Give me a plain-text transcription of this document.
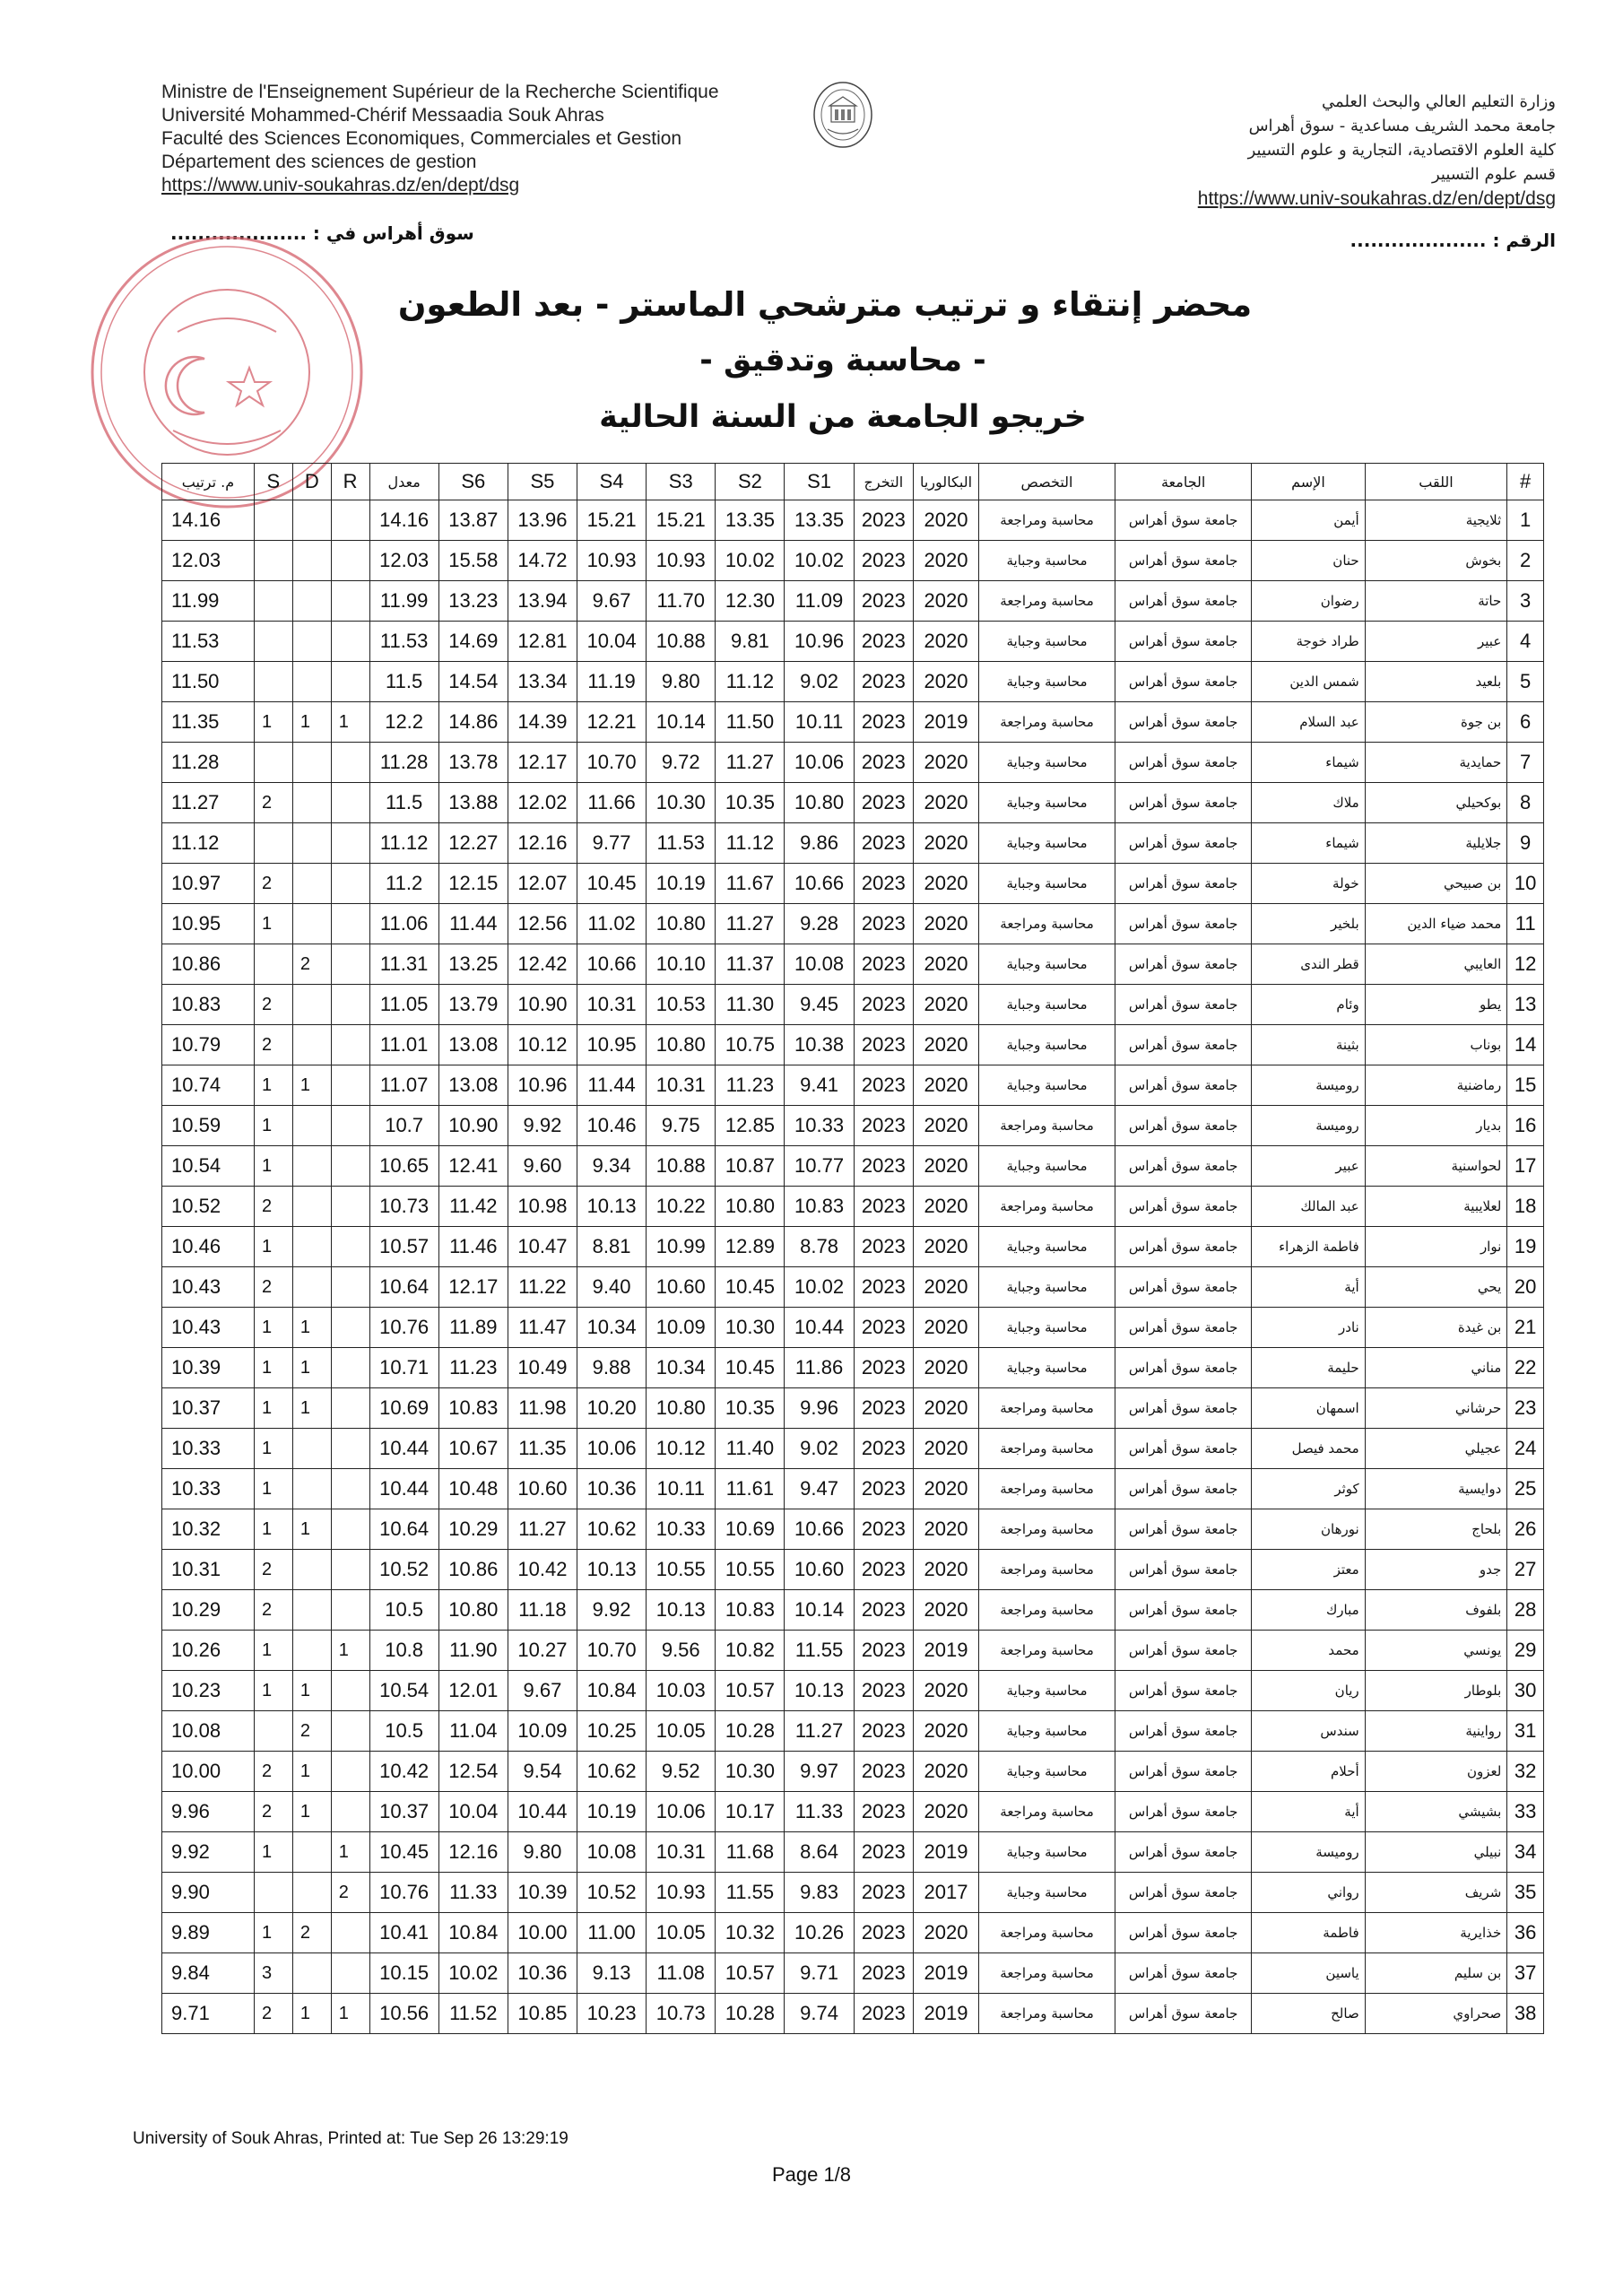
Ministre de l'Enseignement Supérieur de la Recherche Scientifique
Université Mohammed-Chérif Messaadia Souk Ahras
Faculté des Sciences Economiques, Commerciales et Gestion
Département des sciences de gestion
https://www.univ-soukahras.dz/en/dept/dsg
وزارة التعليم العالي والبحث العلمي
جامعة محمد الشريف مساعدية - سوق أهراس
كلية العلوم الاقتصادية، التجارية و علوم التسيير
قسم علوم التسيير
https://www.univ-soukahras.dz/en/dept/dsg
الرقم : ....................
سوق أهراس في : ....................
محضر إنتقاء و ترتيب مترشحي الماستر - بعد الطعون
- محاسبة وتدقيق -
خريجو الجامعة من السنة الحالية
#	اللقب	الإسم	الجامعة	التخصص	البكالوريا	التخرج	S1	S2	S3	S4	S5	S6	معدل	R	D	S	م. ترتيب
1	ثلايجية	أيمن	جامعة سوق أهراس	محاسبة ومراجعة	2020	2023	13.35	13.35	15.21	15.21	13.96	13.87	14.16				14.16
2	بخوش	حنان	جامعة سوق أهراس	محاسبة وجباية	2020	2023	10.02	10.02	10.93	10.93	14.72	15.58	12.03				12.03
3	حاتة	رضوان	جامعة سوق أهراس	محاسبة ومراجعة	2020	2023	11.09	12.30	11.70	9.67	13.94	13.23	11.99				11.99
4	عبير	طراد خوجة	جامعة سوق أهراس	محاسبة وجباية	2020	2023	10.96	9.81	10.88	10.04	12.81	14.69	11.53				11.53
5	بلعيد	شمس الدين	جامعة سوق أهراس	محاسبة وجباية	2020	2023	9.02	11.12	9.80	11.19	13.34	14.54	11.5				11.50
6	بن جوة	عبد السلام	جامعة سوق أهراس	محاسبة ومراجعة	2019	2023	10.11	11.50	10.14	12.21	14.39	14.86	12.2	1	1	1	11.35
7	حمايدية	شيماء	جامعة سوق أهراس	محاسبة وجباية	2020	2023	10.06	11.27	9.72	10.70	12.17	13.78	11.28				11.28
8	بوكحيلي	ملاك	جامعة سوق أهراس	محاسبة وجباية	2020	2023	10.80	10.35	10.30	11.66	12.02	13.88	11.5			2	11.27
9	جلايلية	شيماء	جامعة سوق أهراس	محاسبة وجباية	2020	2023	9.86	11.12	11.53	9.77	12.16	12.27	11.12				11.12
10	بن صبيحي	خولة	جامعة سوق أهراس	محاسبة وجباية	2020	2023	10.66	11.67	10.19	10.45	12.07	12.15	11.2			2	10.97
11	محمد ضياء الدين	بلخير	جامعة سوق أهراس	محاسبة ومراجعة	2020	2023	9.28	11.27	10.80	11.02	12.56	11.44	11.06			1	10.95
12	العايبي	قطر الندى	جامعة سوق أهراس	محاسبة وجباية	2020	2023	10.08	11.37	10.10	10.66	12.42	13.25	11.31		2		10.86
13	يطو	وئام	جامعة سوق أهراس	محاسبة وجباية	2020	2023	9.45	11.30	10.53	10.31	10.90	13.79	11.05			2	10.83
14	بوناب	بثينة	جامعة سوق أهراس	محاسبة وجباية	2020	2023	10.38	10.75	10.80	10.95	10.12	13.08	11.01			2	10.79
15	رماضنية	روميسة	جامعة سوق أهراس	محاسبة وجباية	2020	2023	9.41	11.23	10.31	11.44	10.96	13.08	11.07		1	1	10.74
16	بديار	روميسة	جامعة سوق أهراس	محاسبة ومراجعة	2020	2023	10.33	12.85	9.75	10.46	9.92	10.90	10.7			1	10.59
17	لحواسنية	عبير	جامعة سوق أهراس	محاسبة وجباية	2020	2023	10.77	10.87	10.88	9.34	9.60	12.41	10.65			1	10.54
18	لعلايبية	عبد المالك	جامعة سوق أهراس	محاسبة ومراجعة	2020	2023	10.83	10.80	10.22	10.13	10.98	11.42	10.73			2	10.52
19	نوار	فاطمة الزهراء	جامعة سوق أهراس	محاسبة وجباية	2020	2023	8.78	12.89	10.99	8.81	10.47	11.46	10.57			1	10.46
20	يحي	أية	جامعة سوق أهراس	محاسبة وجباية	2020	2023	10.02	10.45	10.60	9.40	11.22	12.17	10.64			2	10.43
21	بن غيدة	نادر	جامعة سوق أهراس	محاسبة وجباية	2020	2023	10.44	10.30	10.09	10.34	11.47	11.89	10.76		1	1	10.43
22	مناني	حليمة	جامعة سوق أهراس	محاسبة وجباية	2020	2023	11.86	10.45	10.34	9.88	10.49	11.23	10.71		1	1	10.39
23	حرشاني	اسمهان	جامعة سوق أهراس	محاسبة ومراجعة	2020	2023	9.96	10.35	10.80	10.20	11.98	10.83	10.69		1	1	10.37
24	عجيلي	محمد فيصل	جامعة سوق أهراس	محاسبة ومراجعة	2020	2023	9.02	11.40	10.12	10.06	11.35	10.67	10.44			1	10.33
25	دوايسية	كوثر	جامعة سوق أهراس	محاسبة ومراجعة	2020	2023	9.47	11.61	10.11	10.36	10.60	10.48	10.44			1	10.33
26	بلحاج	نورهان	جامعة سوق أهراس	محاسبة ومراجعة	2020	2023	10.66	10.69	10.33	10.62	11.27	10.29	10.64		1	1	10.32
27	جدو	معتز	جامعة سوق أهراس	محاسبة ومراجعة	2020	2023	10.60	10.55	10.55	10.13	10.42	10.86	10.52			2	10.31
28	بلفوف	مبارك	جامعة سوق أهراس	محاسبة ومراجعة	2020	2023	10.14	10.83	10.13	9.92	11.18	10.80	10.5			2	10.29
29	يونسي	محمد	جامعة سوق أهراس	محاسبة ومراجعة	2019	2023	11.55	10.82	9.56	10.70	10.27	11.90	10.8	1		1	10.26
30	بلوطار	ريان	جامعة سوق أهراس	محاسبة وجباية	2020	2023	10.13	10.57	10.03	10.84	9.67	12.01	10.54		1	1	10.23
31	رواينية	سندس	جامعة سوق أهراس	محاسبة وجباية	2020	2023	11.27	10.28	10.05	10.25	10.09	11.04	10.5		2		10.08
32	لعزون	أحلام	جامعة سوق أهراس	محاسبة وجباية	2020	2023	9.97	10.30	9.52	10.62	9.54	12.54	10.42		1	2	10.00
33	بشيشي	أية	جامعة سوق أهراس	محاسبة ومراجعة	2020	2023	11.33	10.17	10.06	10.19	10.44	10.04	10.37		1	2	9.96
34	نبيلي	روميسة	جامعة سوق أهراس	محاسبة وجباية	2019	2023	8.64	11.68	10.31	10.08	9.80	12.16	10.45	1		1	9.92
35	شريف	رواني	جامعة سوق أهراس	محاسبة وجباية	2017	2023	9.83	11.55	10.93	10.52	10.39	11.33	10.76	2			9.90
36	خذايرية	فاطمة	جامعة سوق أهراس	محاسبة ومراجعة	2020	2023	10.26	10.32	10.05	11.00	10.00	10.84	10.41		2	1	9.89
37	بن سليم	ياسين	جامعة سوق أهراس	محاسبة ومراجعة	2019	2023	9.71	10.57	11.08	9.13	10.36	10.02	10.15			3	9.84
38	صحراوي	صالح	جامعة سوق أهراس	محاسبة ومراجعة	2019	2023	9.74	10.28	10.73	10.23	10.85	11.52	10.56	1	1	2	9.71
University of Souk Ahras, Printed at: Tue Sep 26 13:29:19
Page 1/8
